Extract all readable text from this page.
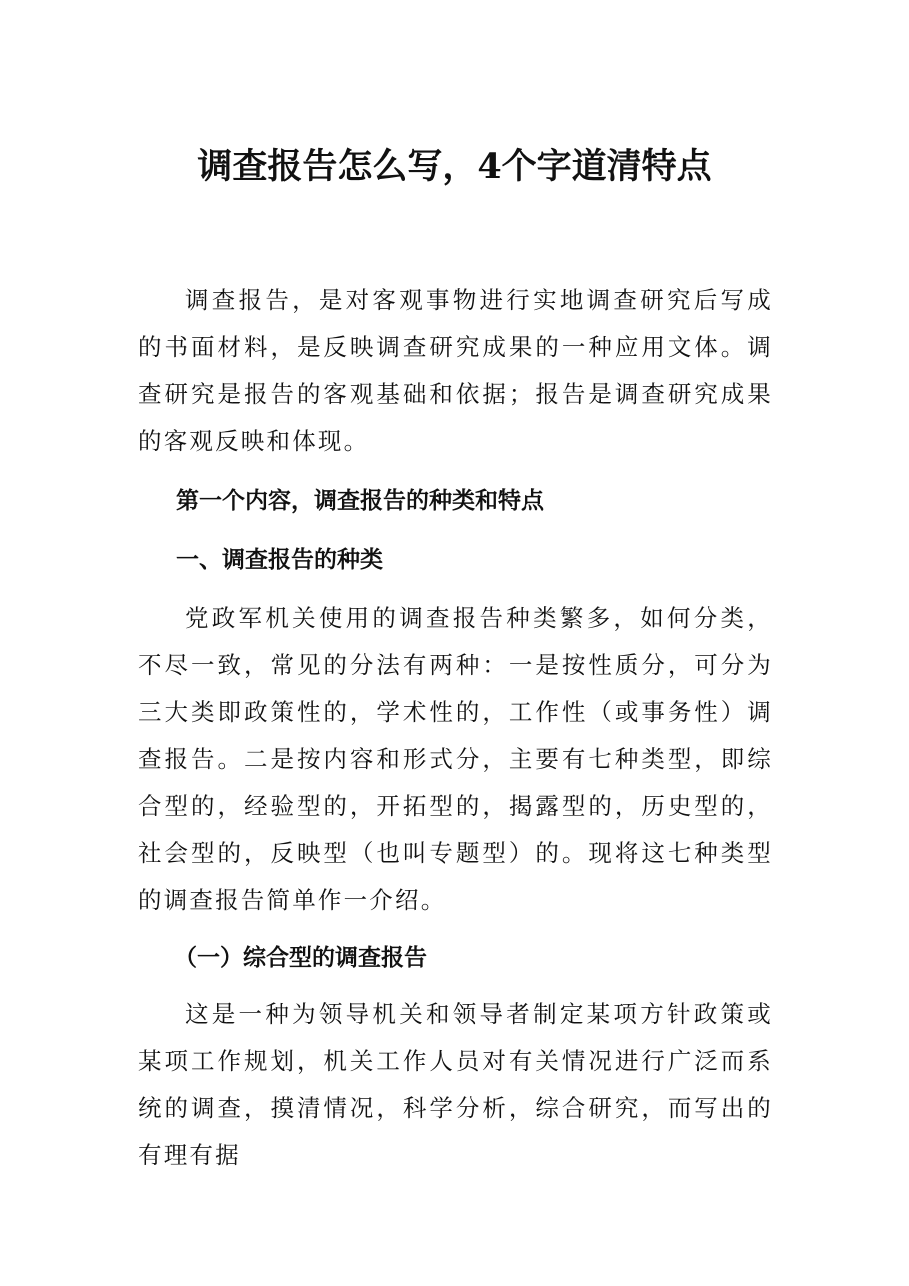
调查报告怎么写，4个字道清特点

调查报告，是对客观事物进行实地调查研究后写成的书面材料，是反映调查研究成果的一种应用文体。调查研究是报告的客观基础和依据；报告是调查研究成果的客观反映和体现。

第一个内容，调查报告的种类和特点

一、调查报告的种类

党政军机关使用的调查报告种类繁多，如何分类，不尽一致，常见的分法有两种：一是按性质分，可分为三大类即政策性的，学术性的，工作性（或事务性）调查报告。二是按内容和形式分，主要有七种类型，即综合型的，经验型的，开拓型的，揭露型的，历史型的，社会型的，反映型（也叫专题型）的。现将这七种类型的调查报告简单作一介绍。

（一）综合型的调查报告

这是一种为领导机关和领导者制定某项方针政策或某项工作规划，机关工作人员对有关情况进行广泛而系统的调查，摸清情况，科学分析，综合研究，而写出的有理有据
